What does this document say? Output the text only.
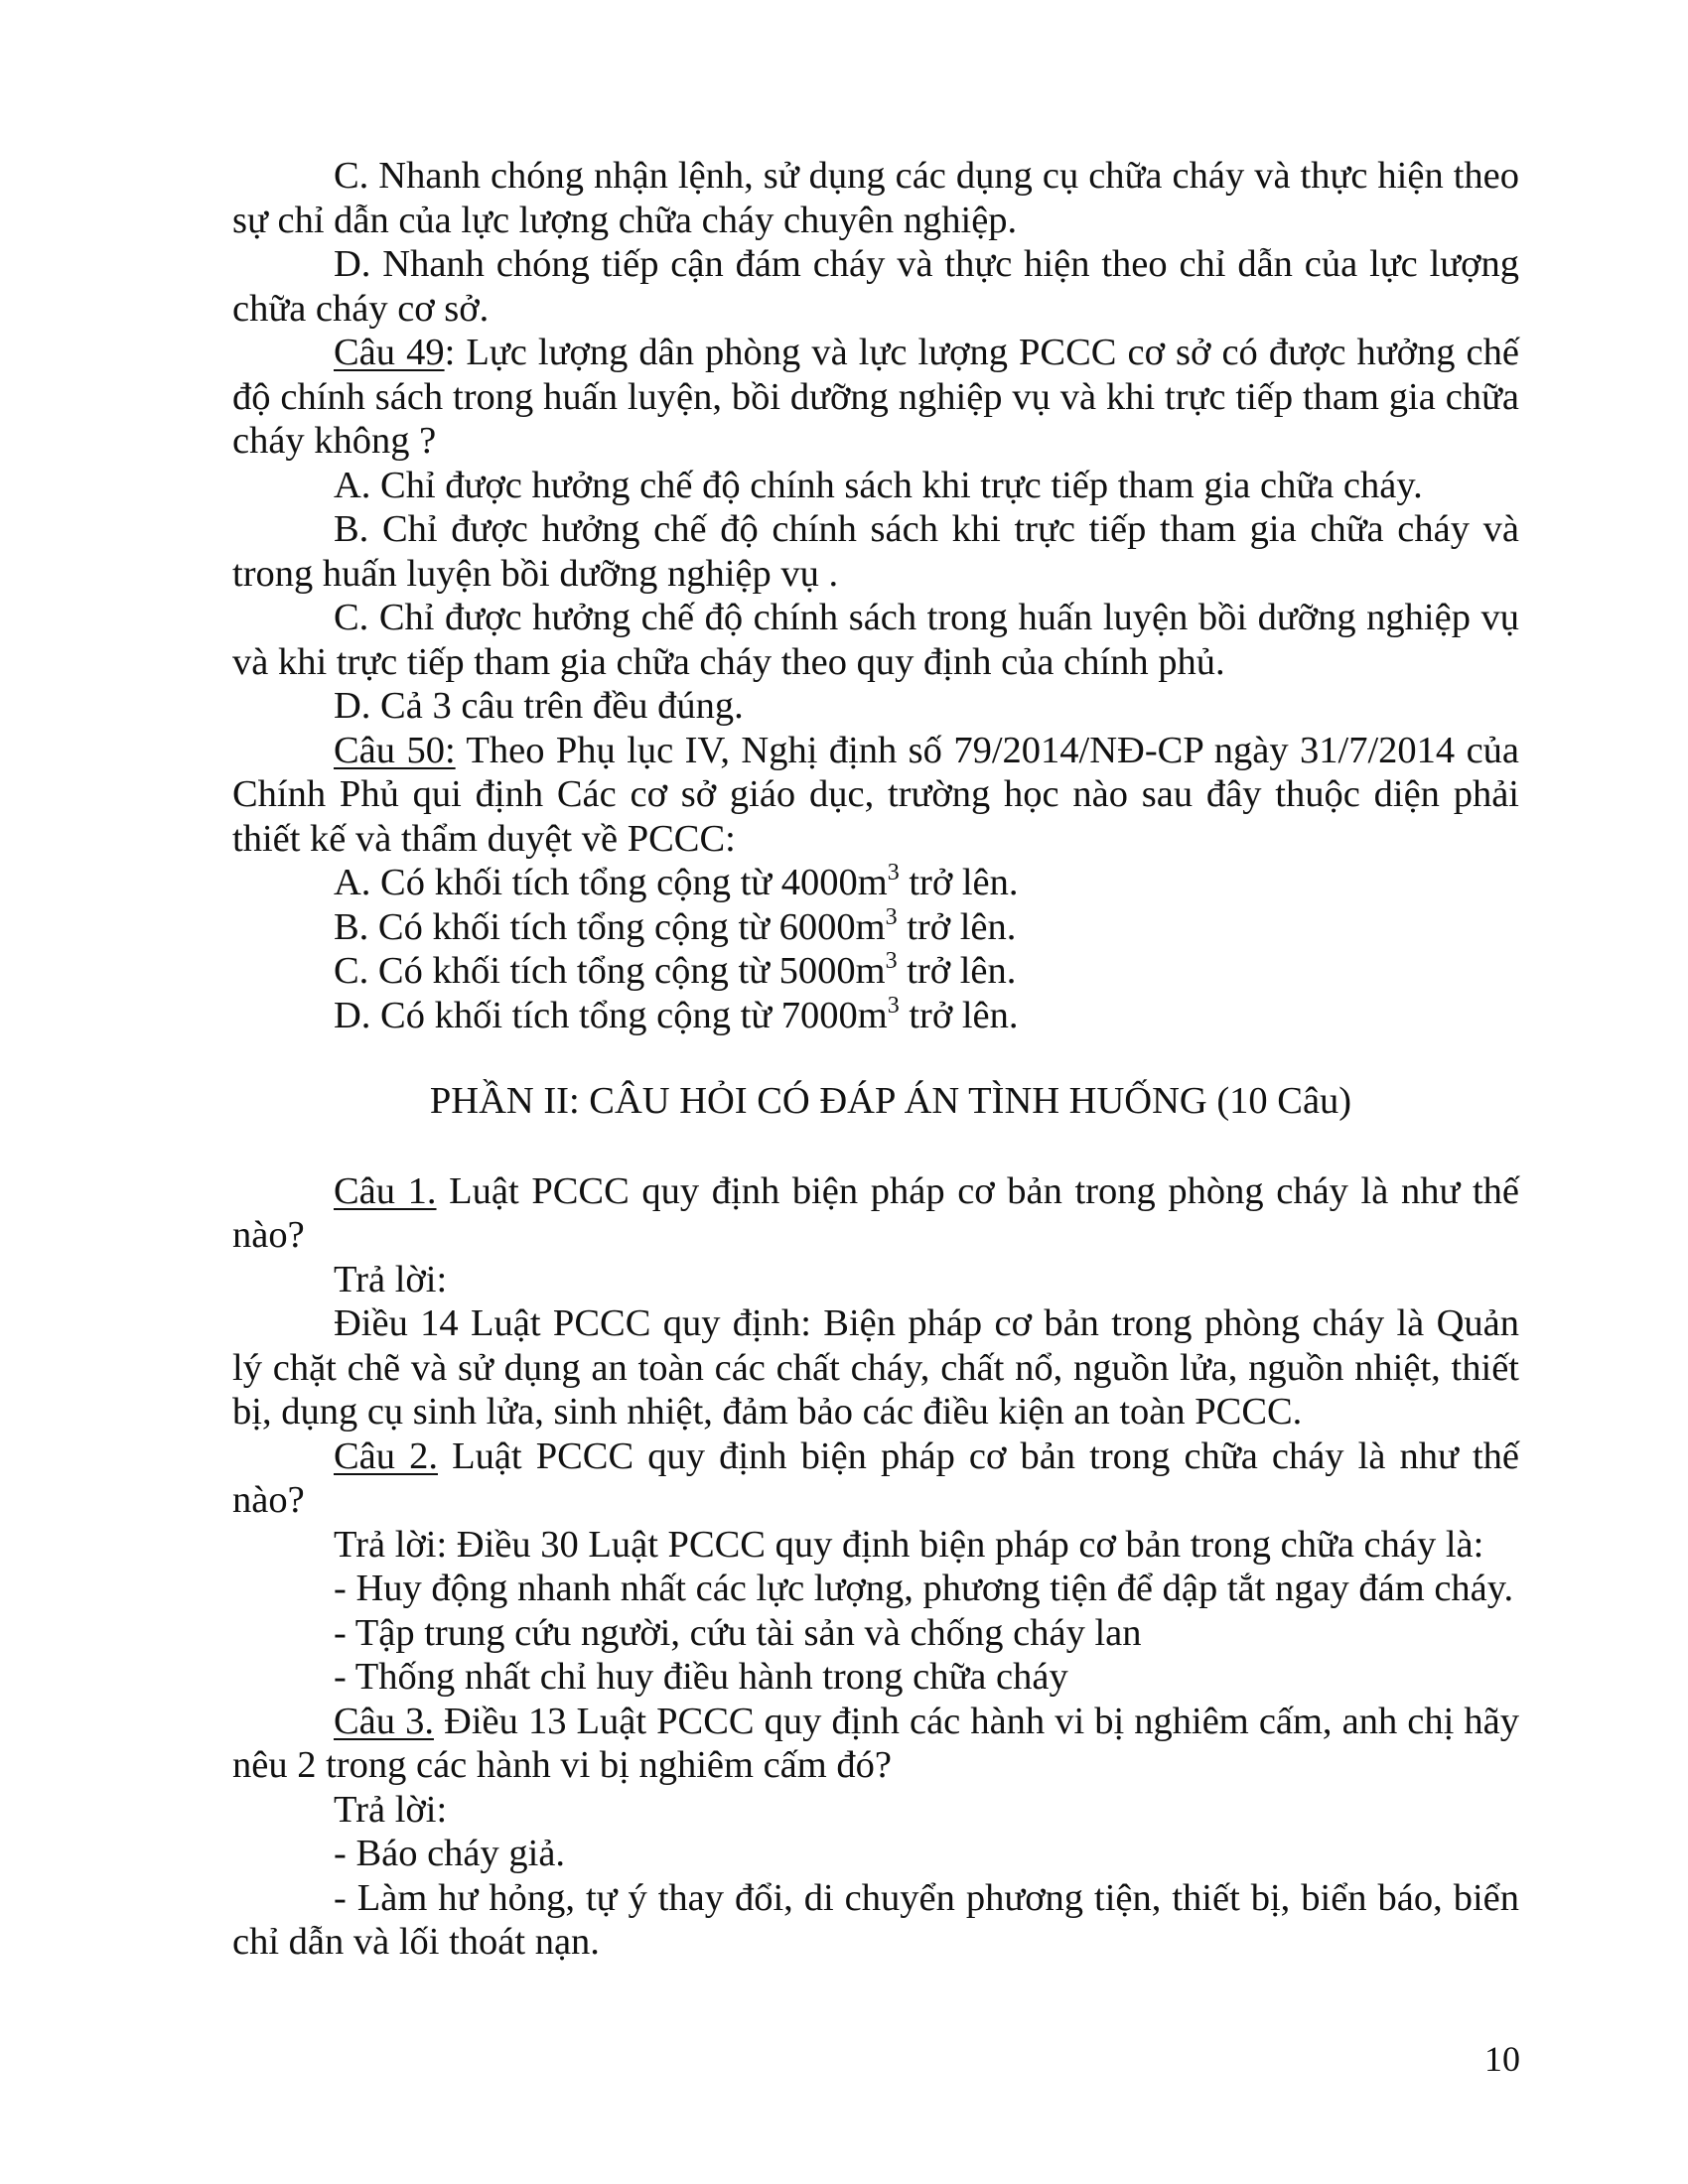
C. Nhanh chóng nhận lệnh, sử dụng các dụng cụ chữa cháy và thực hiện theo sự chỉ dẫn của lực lượng chữa cháy chuyên nghiệp.

D. Nhanh chóng tiếp cận đám cháy và thực hiện theo chỉ dẫn của lực lượng chữa cháy cơ sở.

Câu 49: Lực lượng dân phòng và lực lượng PCCC cơ sở có được hưởng chế độ chính sách trong huấn luyện, bồi dưỡng nghiệp vụ và khi trực tiếp tham gia chữa cháy không ?

A. Chỉ được hưởng chế độ chính sách khi trực tiếp tham gia chữa cháy.

B. Chỉ được hưởng chế độ chính sách khi trực tiếp tham gia chữa cháy và trong huấn luyện bồi dưỡng nghiệp vụ .

C. Chỉ được hưởng chế độ chính sách trong huấn luyện bồi dưỡng nghiệp vụ và khi trực tiếp tham gia chữa cháy theo quy định của chính phủ.

D. Cả 3 câu trên đều đúng.

Câu 50: Theo Phụ lục IV, Nghị định số 79/2014/NĐ-CP ngày 31/7/2014 của Chính Phủ qui định Các cơ sở giáo dục, trường học nào sau đây thuộc diện phải thiết kế và thẩm duyệt về PCCC:

A. Có khối tích tổng cộng từ $4000m^3$ trở lên.

B. Có khối tích tổng cộng từ $6000m^3$ trở lên.

C. Có khối tích tổng cộng từ $5000m^3$ trở lên.

D. Có khối tích tổng cộng từ $7000m^3$ trở lên.

PHẦN II: CÂU HỎI CÓ ĐÁP ÁN TÌNH HUỐNG (10 Câu)

Câu 1. Luật PCCC quy định biện pháp cơ bản trong phòng cháy là như thế nào?

Trả lời:

Điều 14 Luật PCCC quy định: Biện pháp cơ bản trong phòng cháy là Quản lý chặt chẽ và sử dụng an toàn các chất cháy, chất nổ, nguồn lửa, nguồn nhiệt, thiết bị, dụng cụ sinh lửa, sinh nhiệt, đảm bảo các điều kiện an toàn PCCC.

Câu 2. Luật PCCC quy định biện pháp cơ bản trong chữa cháy là như thế nào?

Trả lời: Điều 30 Luật PCCC quy định biện pháp cơ bản trong chữa cháy là:

- Huy động nhanh nhất các lực lượng, phương tiện để dập tắt ngay đám cháy.

- Tập trung cứu người, cứu tài sản và chống cháy lan

- Thống nhất chỉ huy điều hành trong chữa cháy

Câu 3. Điều 13 Luật PCCC quy định các hành vi bị nghiêm cấm, anh chị hãy nêu 2 trong các hành vi bị nghiêm cấm đó?

Trả lời:

- Báo cháy giả.

- Làm hư hỏng, tự ý thay đổi, di chuyển phương tiện, thiết bị, biển báo, biển chỉ dẫn và lối thoát nạn.

10
